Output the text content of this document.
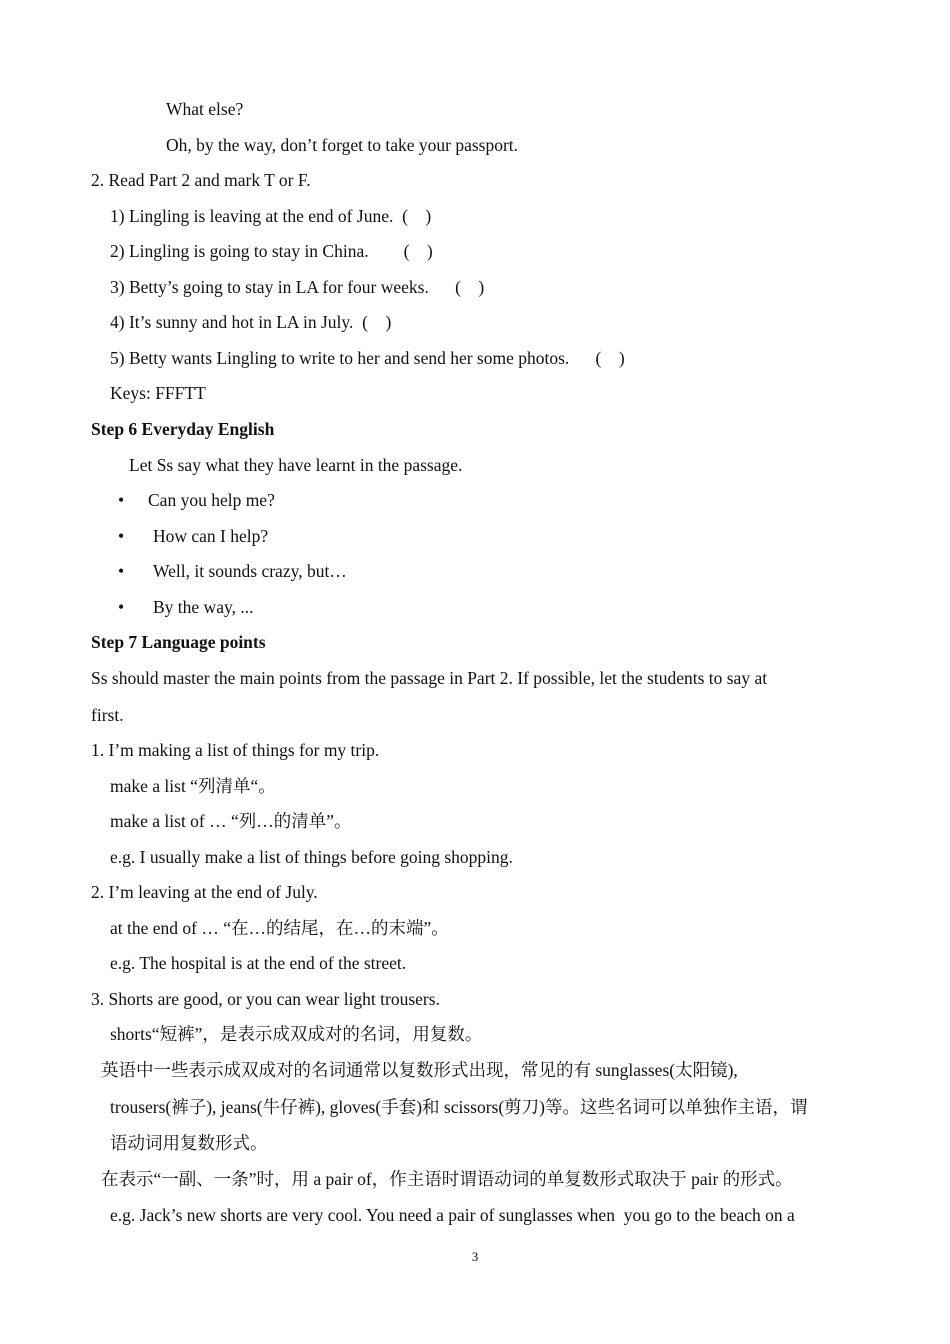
What else?
Oh, by the way, don’t forget to take your passport.
2. Read Part 2 and mark T or F.
1) Lingling is leaving at the end of June.  (    )
2) Lingling is going to stay in China.        (    )
3) Betty’s going to stay in LA for four weeks.      (    )
4) It’s sunny and hot in LA in July.  (    )
5) Betty wants Lingling to write to her and send her some photos.      (    )
Keys: FFFTT
Step 6 Everyday English
Let Ss say what they have learnt in the passage.
• Can you help me?
• How can I help?
• Well, it sounds crazy, but…
• By the way, ...
Step 7 Language points
Ss should master the main points from the passage in Part 2. If possible, let the students to say at
first.
1. I’m making a list of things for my trip.
make a list “列清单“。
make a list of … “列…的清单”。
e.g. I usually make a list of things before going shopping.
2. I’m leaving at the end of July.
at the end of … “在…的结尾，在…的末端”。
e.g. The hospital is at the end of the street.
3. Shorts are good, or you can wear light trousers.
shorts“短裤”，是表示成双成对的名词，用复数。
英语中一些表示成双成对的名词通常以复数形式出现，常见的有 sunglasses(太阳镜),
trousers(裤子), jeans(牛仔裤), gloves(手套)和 scissors(剪刀)等。这些名词可以单独作主语，谓
语动词用复数形式。
在表示“一副、一条”时，用 a pair of，作主语时谓语动词的单复数形式取决于 pair 的形式。
e.g. Jack’s new shorts are very cool. You need a pair of sunglasses when  you go to the beach on a
3
